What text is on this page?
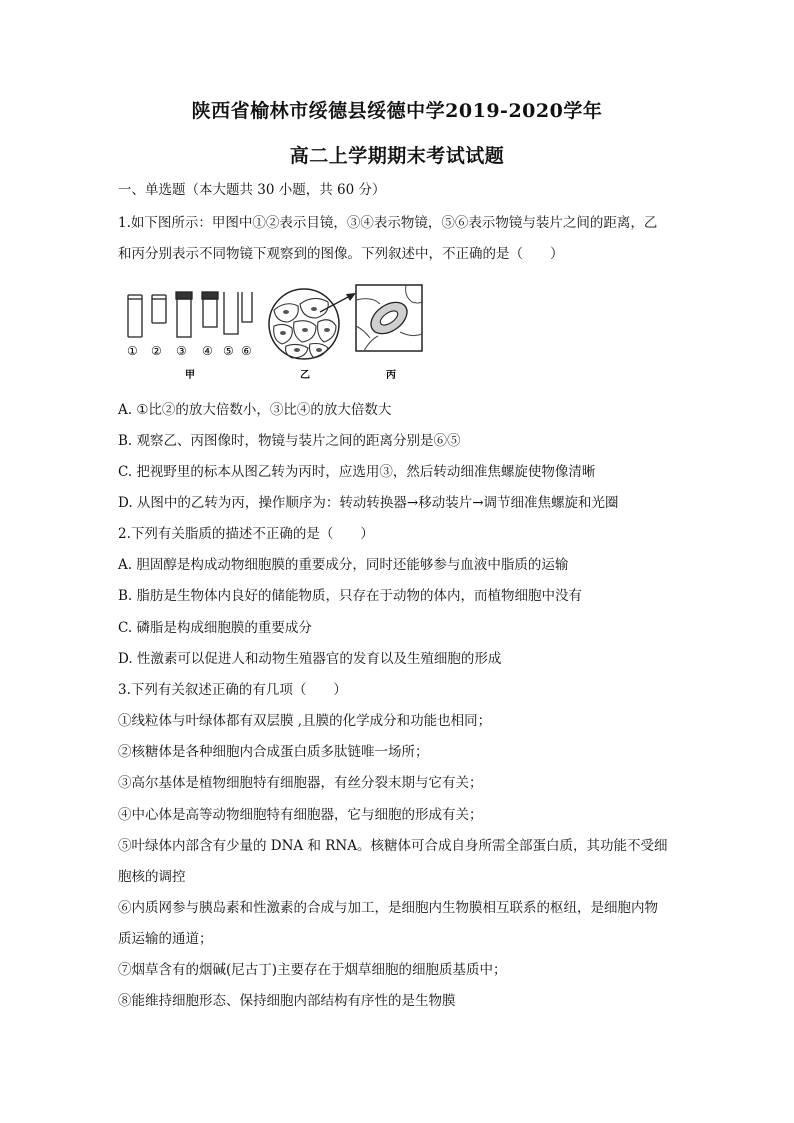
陕西省榆林市绥德县绥德中学2019-2020学年
高二上学期期末考试试题
一、单选题（本大题共 30 小题，共 60 分）
1.如下图所示：甲图中①②表示目镜，③④表示物镜，⑤⑥表示物镜与装片之间的距离，乙
和丙分别表示不同物镜下观察到的图像。下列叙述中，不正确的是（　　）
① ② ③ ④ ⑤ ⑥
甲	乙	丙
A. ①比②的放大倍数小，③比④的放大倍数大
B. 观察乙、丙图像时，物镜与装片之间的距离分别是⑥⑤
C. 把视野里的标本从图乙转为丙时，应选用③，然后转动细准焦螺旋使物像清晰
D. 从图中的乙转为丙，操作顺序为：转动转换器→移动装片→调节细准焦螺旋和光圈
2.下列有关脂质的描述不正确的是（　　）
A. 胆固醇是构成动物细胞膜的重要成分，同时还能够参与血液中脂质的运输
B. 脂肪是生物体内良好的储能物质，只存在于动物的体内，而植物细胞中没有
C. 磷脂是构成细胞膜的重要成分
D. 性激素可以促进人和动物生殖器官的发育以及生殖细胞的形成
3.下列有关叙述正确的有几项（　　）
①线粒体与叶绿体都有双层膜 ,且膜的化学成分和功能也相同；
②核糖体是各种细胞内合成蛋白质多肽链唯一场所；
③高尔基体是植物细胞特有细胞器，有丝分裂末期与它有关；
④中心体是高等动物细胞特有细胞器，它与细胞的形成有关；
⑤叶绿体内部含有少量的 DNA 和 RNA。核糖体可合成自身所需全部蛋白质，其功能不受细
胞核的调控
⑥内质网参与胰岛素和性激素的合成与加工，是细胞内生物膜相互联系的枢纽，是细胞内物
质运输的通道；
⑦烟草含有的烟碱(尼古丁)主要存在于烟草细胞的细胞质基质中；
⑧能维持细胞形态、保持细胞内部结构有序性的是生物膜
